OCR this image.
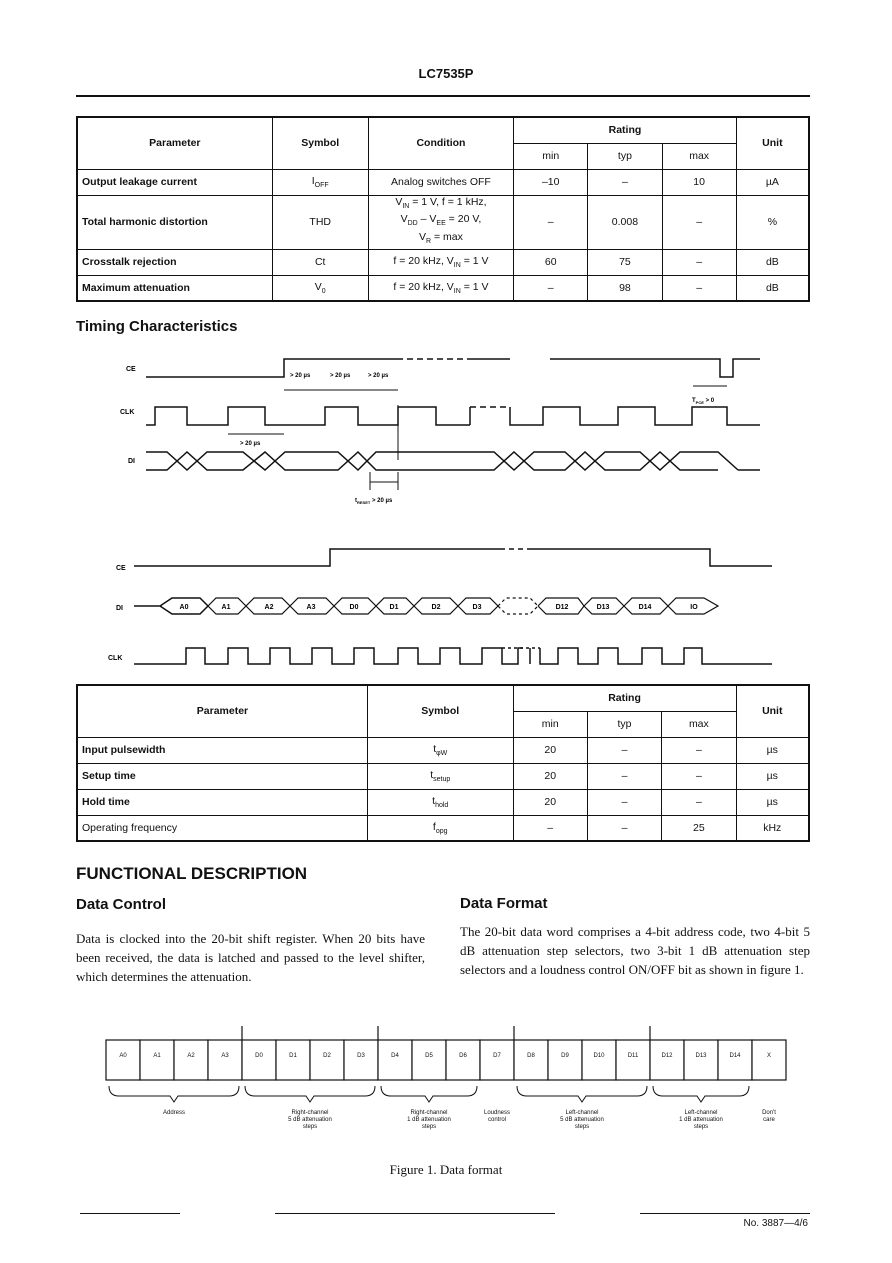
LC7535P
Parameter	Symbol	Condition	Rating			Unit
			min	typ	max	
Output leakage current	$I_{OFF}$	Analog switches OFF	–10	–	10	µA
Total harmonic distortion	THD	$V_{IN} = 1$ V, f = 1 kHz,
$V_{DD} - V_{EE} = 20$ V,
$V_R = \max$	–	0.008	–	%
Crosstalk rejection	Ct	f = 20 kHz, $V_{IN} = 1$ V	60	75	–	dB
Maximum attenuation	$V_0$	f = 20 kHz, $V_{IN} = 1$ V	–	98	–	dB
Timing Characteristics
CE
CLK
DI
> 20 µs	> 20 µs	> 20 µs
> 20 µs
$t_{RESET} > 20$ µs
$T_{PCE} > 0$
CE
DI
CLK
A0	A1	A2	A3	D0	D1	D2	D3	D12	D13	D14	IO
Parameter	Symbol	Rating			Unit
		min	typ	max	
Input pulsewidth	$t_{\varphi W}$	20	–	–	µs
Setup time	$t_{setup}$	20	–	–	µs
Hold time	$t_{hold}$	20	–	–	µs
Operating frequency	$f_{opg}$	–	–	25	kHz
FUNCTIONAL DESCRIPTION
Data Control	Data Format
Data is clocked into the 20-bit shift register. When 20 bits have been received, the data is latched and passed to the level shifter, which determines the attenuation.
The 20-bit data word comprises a 4-bit address code, two 4-bit 5 dB attenuation step selectors, two 3-bit 1 dB attenuation step selectors and a loudness control ON/OFF bit as shown in figure 1.
A0	A1	A2	A3	D0	D1	D2	D3	D4	D5	D6	D7	D8	D9	D10	D11	D12	D13	D14	X
Address	Right-channel 5 dB attenuation steps
Right-channel 1 dB attenuation steps
Loudness control
Left-channel 5 dB attenuation steps
Left-channel 1 dB attenuation steps
Don't care
Figure 1. Data format
No. 3887—4/6
